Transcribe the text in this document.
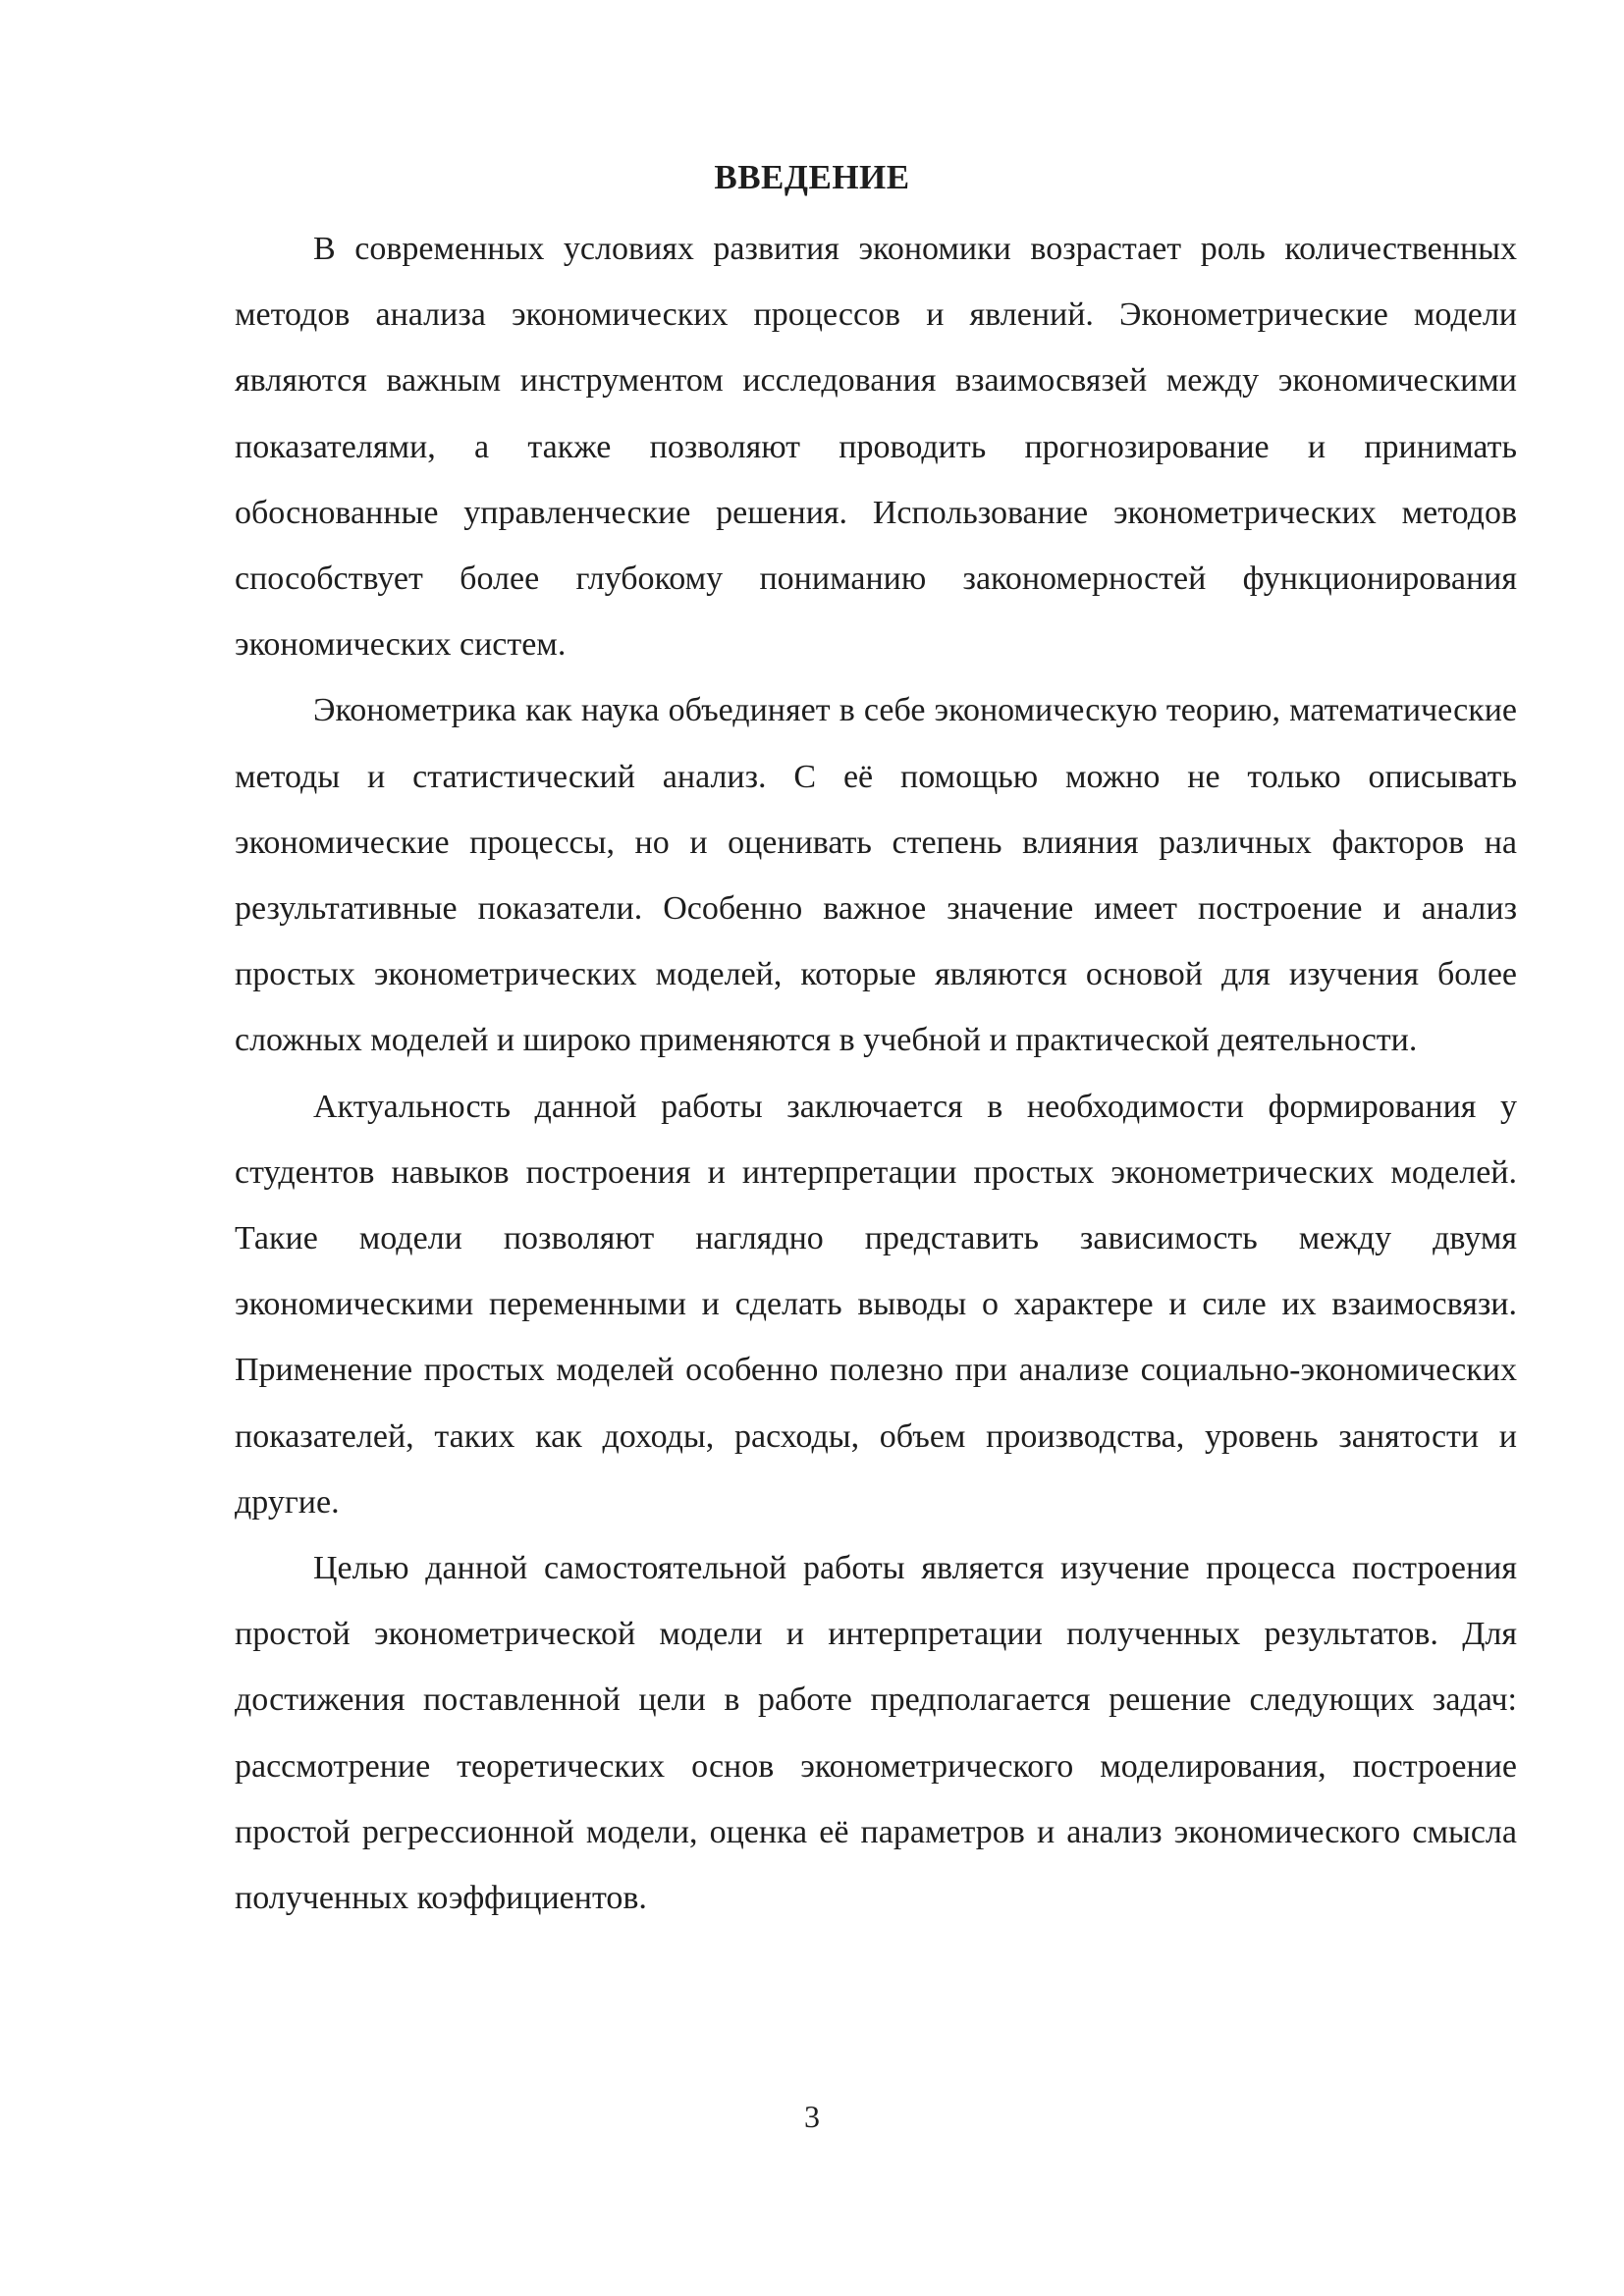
ВВЕДЕНИЕ

В современных условиях развития экономики возрастает роль количественных методов анализа экономических процессов и явлений. Эконометрические модели являются важным инструментом исследования взаимосвязей между экономическими показателями, а также позволяют проводить прогнозирование и принимать обоснованные управленческие решения. Использование эконометрических методов способствует более глубокому пониманию закономерностей функционирования экономических систем.

Эконометрика как наука объединяет в себе экономическую теорию, математические методы и статистический анализ. С её помощью можно не только описывать экономические процессы, но и оценивать степень влияния различных факторов на результативные показатели. Особенно важное значение имеет построение и анализ простых эконометрических моделей, которые являются основой для изучения более сложных моделей и широко применяются в учебной и практической деятельности.

Актуальность данной работы заключается в необходимости формирования у студентов навыков построения и интерпретации простых эконометрических моделей. Такие модели позволяют наглядно представить зависимость между двумя экономическими переменными и сделать выводы о характере и силе их взаимосвязи. Применение простых моделей особенно полезно при анализе социально-экономических показателей, таких как доходы, расходы, объем производства, уровень занятости и другие.

Целью данной самостоятельной работы является изучение процесса построения простой эконометрической модели и интерпретации полученных результатов. Для достижения поставленной цели в работе предполагается решение следующих задач: рассмотрение теоретических основ эконометрического моделирования, построение простой регрессионной модели, оценка её параметров и анализ экономического смысла полученных коэффициентов.

3
